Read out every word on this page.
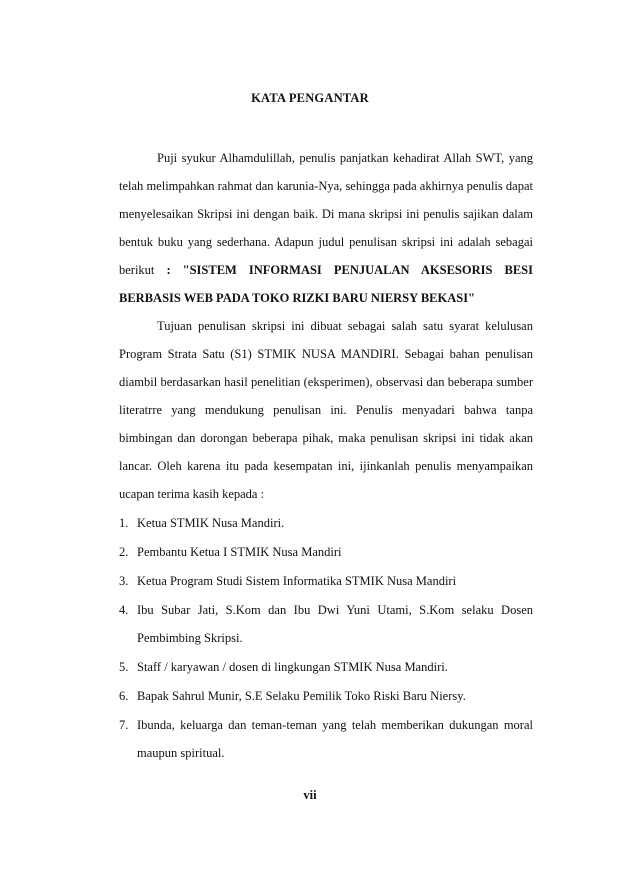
KATA PENGANTAR

Puji syukur Alhamdulillah, penulis panjatkan kehadirat Allah SWT, yang telah melimpahkan rahmat dan karunia-Nya, sehingga pada akhirnya penulis dapat menyelesaikan Skripsi ini dengan baik. Di mana skripsi ini penulis sajikan dalam bentuk buku yang sederhana. Adapun judul penulisan skripsi ini adalah sebagai berikut : "SISTEM INFORMASI PENJUALAN AKSESORIS BESI BERBASIS WEB PADA TOKO RIZKI BARU NIERSY BEKASI"

Tujuan penulisan skripsi ini dibuat sebagai salah satu syarat kelulusan Program Strata Satu (S1) STMIK NUSA MANDIRI. Sebagai bahan penulisan diambil berdasarkan hasil penelitian (eksperimen), observasi dan beberapa sumber literatrre yang mendukung penulisan ini. Penulis menyadari bahwa tanpa bimbingan dan dorongan beberapa pihak, maka penulisan skripsi ini tidak akan lancar. Oleh karena itu pada kesempatan ini, ijinkanlah penulis menyampaikan ucapan terima kasih kepada :

1. Ketua STMIK Nusa Mandiri.
2. Pembantu Ketua I STMIK Nusa Mandiri
3. Ketua Program Studi Sistem Informatika STMIK Nusa Mandiri
4. Ibu Subar Jati, S.Kom dan Ibu Dwi Yuni Utami, S.Kom selaku Dosen Pembimbing Skripsi.
5. Staff / karyawan / dosen di lingkungan STMIK Nusa Mandiri.
6. Bapak Sahrul Munir, S.E Selaku Pemilik Toko Riski Baru Niersy.
7. Ibunda, keluarga dan teman-teman yang telah memberikan dukungan moral maupun spiritual.
vii
